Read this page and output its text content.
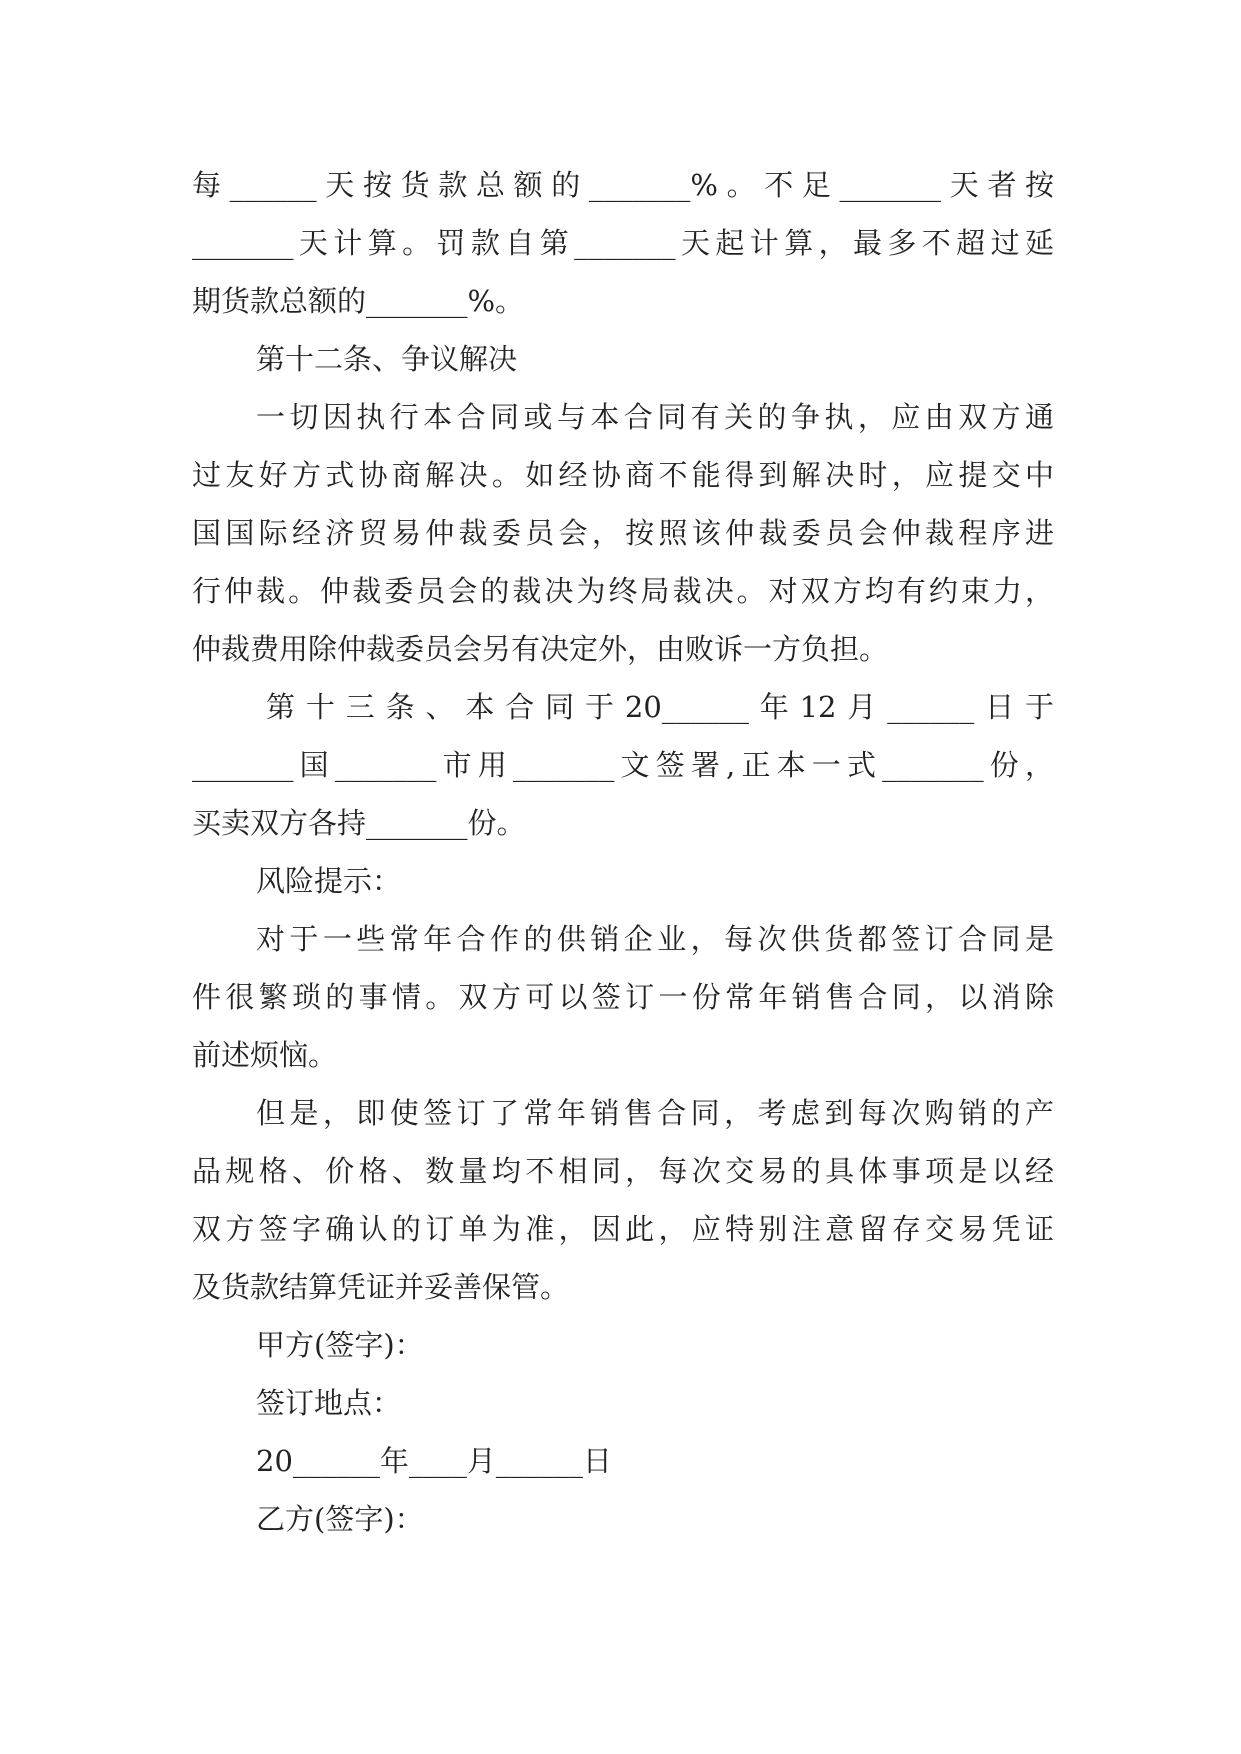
每______天按货款总额的_______%。不足_______天者按
_______天计算。罚款自第_______天起计算，最多不超过延
期货款总额的_______%。
第十二条、争议解决
一切因执行本合同或与本合同有关的争执，应由双方通
过友好方式协商解决。如经协商不能得到解决时，应提交中
国国际经济贸易仲裁委员会，按照该仲裁委员会仲裁程序进
行仲裁。仲裁委员会的裁决为终局裁决。对双方均有约束力，
仲裁费用除仲裁委员会另有决定外，由败诉一方负担。
第十三条、本合同于20______年12月______日于
_______国_______市用_______文签署,正本一式_______份，
买卖双方各持_______份。
风险提示：
对于一些常年合作的供销企业，每次供货都签订合同是
件很繁琐的事情。双方可以签订一份常年销售合同，以消除
前述烦恼。
但是，即使签订了常年销售合同，考虑到每次购销的产
品规格、价格、数量均不相同，每次交易的具体事项是以经
双方签字确认的订单为准，因此，应特别注意留存交易凭证
及货款结算凭证并妥善保管。
甲方(签字)：
签订地点：
20______年____月______日
乙方(签字)：
